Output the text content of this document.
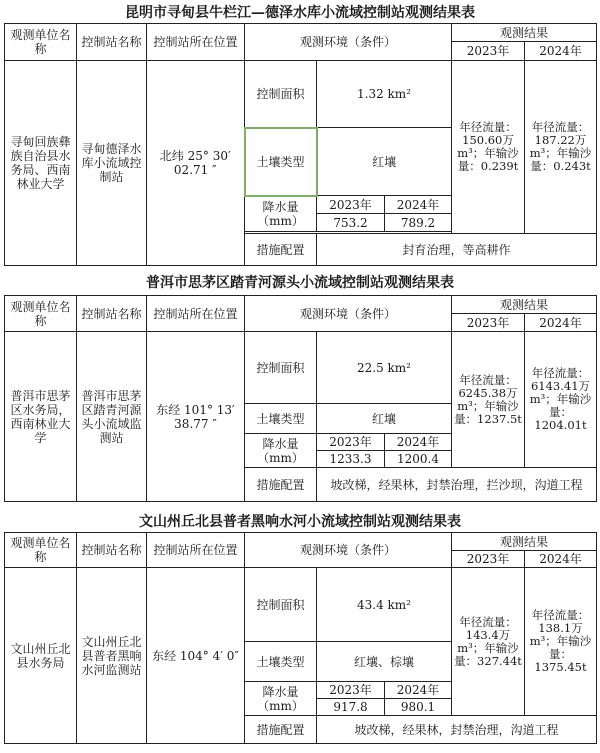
昆明市寻甸县牛栏江—德泽水库小流域控制站观测结果表
观测单位名称	控制站名称	控制站所在位置	观测环境（条件）			观测结果	
						2023年	2024年
寻甸回族彝族自治县水务局、西南林业大学	寻甸德泽水库小流域控制站	北纬 25° 30′ 02.71 ″	控制面积	1.32 km²		年径流量：150.60万m³；年输沙量：0.239t	年径流量：187.22万m³；年输沙量：0.243t
			土壤类型	红壤			
			降水量（mm）	2023年	2024年		
				753.2	789.2		

			措施配置	封育治理，等高耕作			
普洱市思茅区踏青河源头小流域控制站观测结果表
观测单位名称	控制站名称	控制站所在位置	观测环境（条件）			观测结果	
						2023年	2024年
普洱市思茅区水务局，西南林业大学	普洱市思茅区踏青河源头小流域监测站	东经 101° 13′ 38.77 ″	控制面积	22.5 km²		年径流量：6245.38万m³；年输沙量：1237.5t	年径流量：6143.41万m³；年输沙量：1204.01t
			土壤类型	红壤			
			降水量（mm）	2023年	2024年		
				1233.3	1200.4		
			措施配置	坡改梯，经果林，封禁治理，拦沙坝，沟道工程			
文山州丘北县普者黑响水河小流域控制站观测结果表
观测单位名称	控制站名称	控制站所在位置	观测环境（条件）			观测结果	
						2023年	2024年
文山州丘北县水务局	文山州丘北县普者黑响水河监测站	东经 104° 4′ 0″	控制面积	43.4 km²		年径流量：143.4万m³；年输沙量：327.44t	年径流量：138.1万m³；年输沙量：1375.45t
			土壤类型	红壤、棕壤			
			降水量（mm）	2023年	2024年		
				917.8	980.1		
			措施配置	坡改梯，经果林，封禁治理，沟道工程			
